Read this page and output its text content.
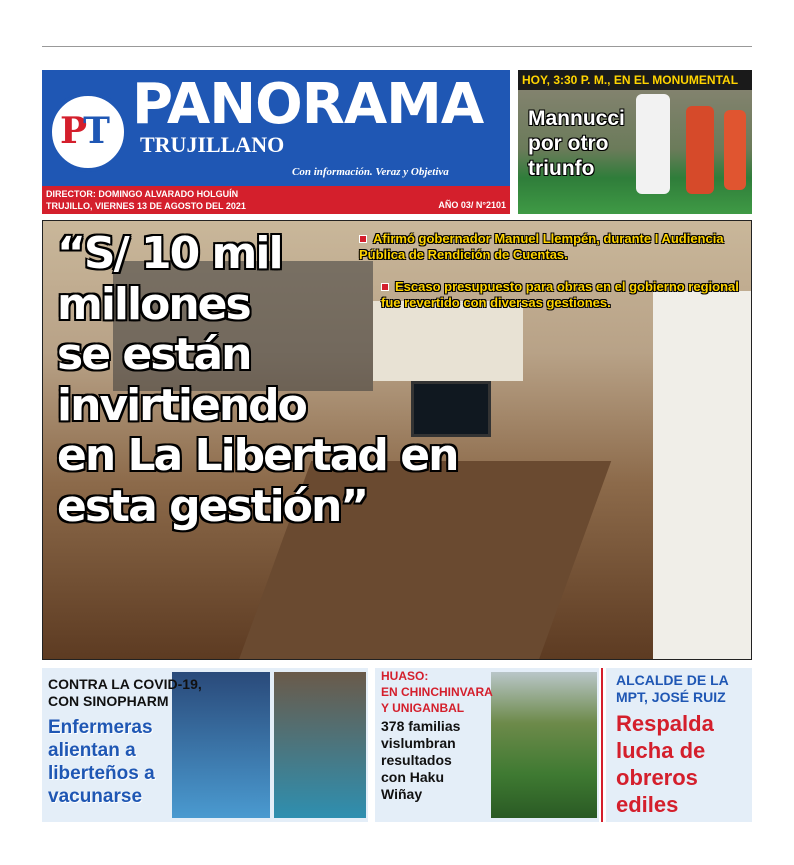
PT PANORAMA
TRUJILLANO
Con información. Veraz y Objetiva
DIRECTOR: DOMINGO ALVARADO HOLGUÍN
TRUJILLO, VIERNES 13 DE AGOSTO DEL 2021	AÑO 03/ N°2101
HOY, 3:30 P. M., EN EL MONUMENTAL
Mannucci
por otro
triunfo
“S/ 10 mil
millones
se están
invirtiendo
en La Libertad en
esta gestión”
Afirmó gobernador Manuel Llempén, durante I Audiencia Pública de Rendición de Cuentas.
Escaso presupuesto para obras en el gobierno regional fue revertido con diversas gestiones.
CONTRA LA COVID-19,
CON SINOPHARM
Enfermeras
alientan a
liberteños a
vacunarse
HUASO:
EN CHINCHINVARA
Y UNIGANBAL
378 familias
vislumbran
resultados
con Haku
Wiñay
ALCALDE DE LA
MPT, JOSÉ RUIZ
Respalda
lucha de
obreros
ediles
